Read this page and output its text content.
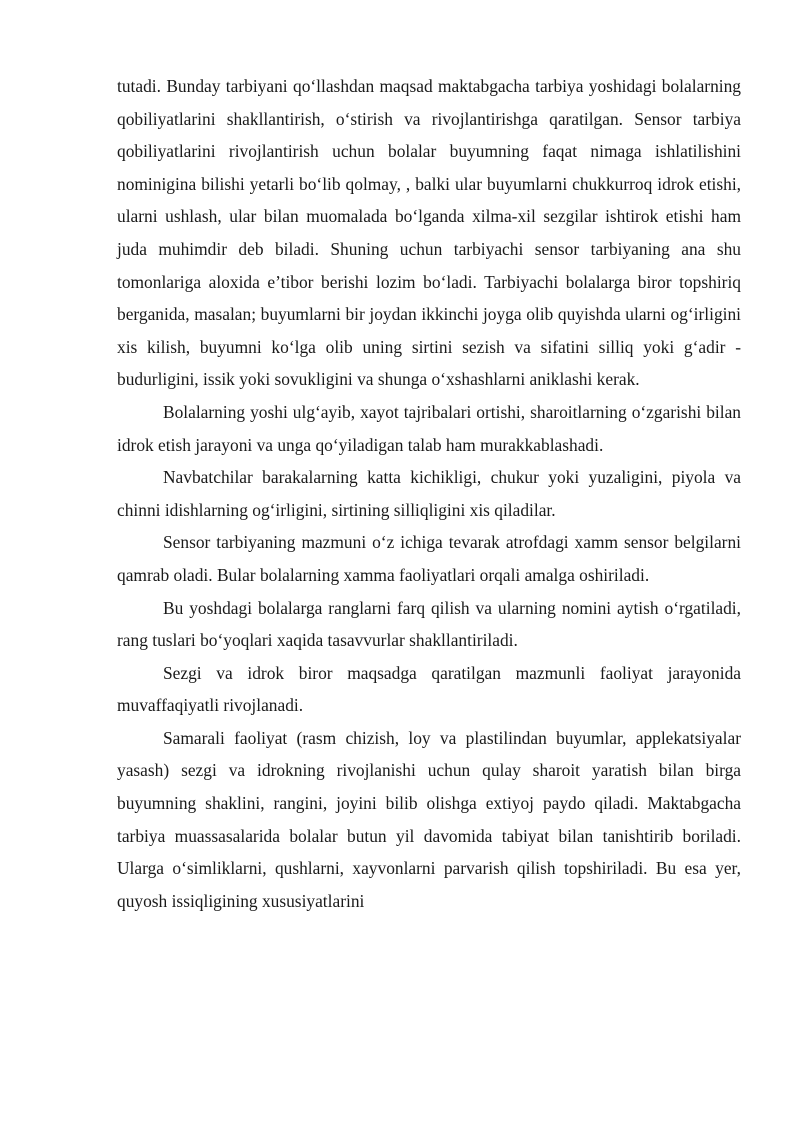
tutadi. Bunday tarbiyani qo‘llashdan maqsad maktabgacha tarbiya yoshidagi bolalarning qobiliyatlarini shakllantirish, o‘stirish va rivojlantirishga qaratilgan. Sensor tarbiya qobiliyatlarini rivojlantirish uchun bolalar buyumning faqat nimaga ishlatilishini nominigina bilishi yetarli bo‘lib qolmay, , balki ular buyumlarni chukkurroq idrok etishi, ularni ushlash, ular bilan muomalada bo‘lganda xilma-xil sezgilar ishtirok etishi ham juda muhimdir deb biladi. Shuning uchun tarbiyachi sensor tarbiyaning ana shu tomonlariga aloxida e’tibor berishi lozim bo‘ladi. Tarbiyachi bolalarga biror topshiriq berganida, masalan; buyumlarni bir joydan ikkinchi joyga olib quyishda ularni og‘irligini xis kilish, buyumni ko‘lga olib uning sirtini sezish va sifatini silliq yoki g‘adir -budurligini, issik yoki sovukligini va shunga o‘xshashlarni aniklashi kerak.

Bolalarning yoshi ulg‘ayib, xayot tajribalari ortishi, sharoitlarning o‘zgarishi bilan idrok etish jarayoni va unga qo‘yiladigan talab ham murakkablashadi.

Navbatchilar barakalarning katta kichikligi, chukur yoki yuzaligini, piyola va chinni idishlarning og‘irligini, sirtining silliqligini xis qiladilar.

Sensor tarbiyaning mazmuni o‘z ichiga tevarak atrofdagi xamm sensor belgilarni qamrab oladi. Bular bolalarning xamma faoliyatlari orqali amalga oshiriladi.

Bu yoshdagi bolalarga ranglarni farq qilish va ularning nomini aytish o‘rgatiladi, rang tuslari bo‘yoqlari xaqida tasavvurlar shakllantiriladi.

Sezgi va idrok biror maqsadga qaratilgan mazmunli faoliyat jarayonida muvaffaqiyatli rivojlanadi.

Samarali faoliyat (rasm chizish, loy va plastilindan buyumlar, applekatsiyalar yasash) sezgi va idrokning rivojlanishi uchun qulay sharoit yaratish bilan birga buyumning shaklini, rangini, joyini bilib olishga extiyoj paydo qiladi. Maktabgacha tarbiya muassasalarida bolalar butun yil davomida tabiyat bilan tanishtirib boriladi. Ularga o‘simliklarni, qushlarni, xayvonlarni parvarish qilish topshiriladi. Bu esa yer, quyosh issiqligining xususiyatlarini
